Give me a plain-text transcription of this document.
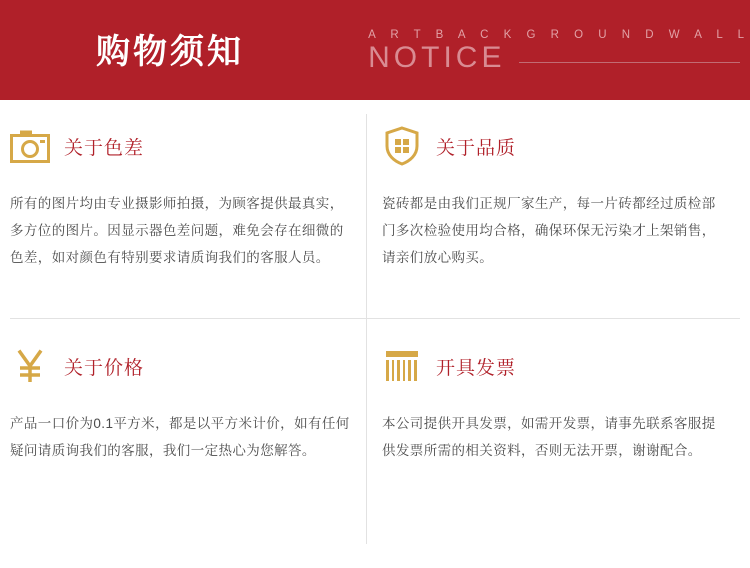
购物须知	A R T B A C K G R O U N D W A L L
NOTICE
关于色差
所有的图片均由专业摄影师拍摄，为顾客提供最真实，多方位的图片。因显示器色差问题，难免会存在细微的色差，如对颜色有特别要求请质询我们的客服人员。
关于品质
瓷砖都是由我们正规厂家生产，每一片砖都经过质检部门多次检验使用均合格，确保环保无污染才上架销售，请亲们放心购买。
关于价格
产品一口价为0.1平方米，都是以平方米计价，如有任何疑问请质询我们的客服，我们一定热心为您解答。
开具发票
本公司提供开具发票，如需开发票，请事先联系客服提供发票所需的相关资料，否则无法开票，谢谢配合。
